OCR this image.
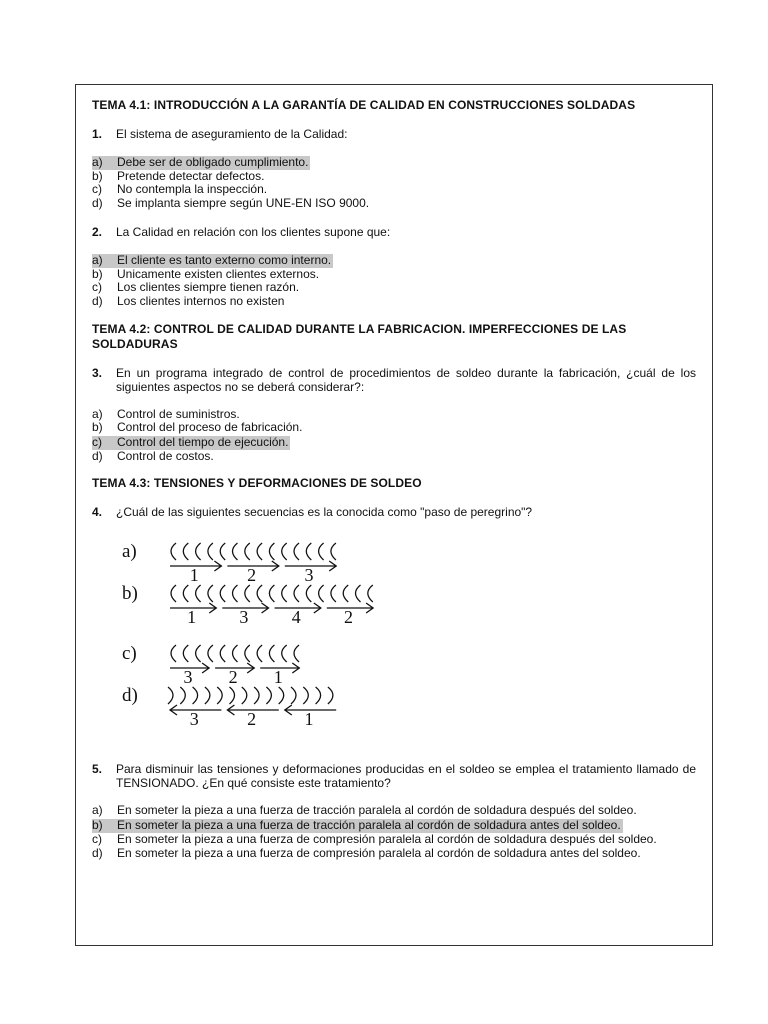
TEMA 4.1: INTRODUCCIÓN A LA GARANTÍA DE CALIDAD EN CONSTRUCCIONES SOLDADAS
1.	El sistema de aseguramiento de la Calidad:
a)	Debe ser de obligado cumplimiento.
b)	Pretende detectar defectos.
c)	No contempla la inspección.
d)	Se implanta siempre según UNE-EN ISO 9000.
2.	La Calidad en relación con los clientes supone que:
a)	El cliente es tanto externo como interno.
b)	Unicamente existen clientes externos.
c)	Los clientes siempre tienen razón.
d)	Los clientes internos no existen
TEMA 4.2: CONTROL DE CALIDAD DURANTE LA FABRICACION. IMPERFECCIONES DE LAS SOLDADURAS
3.	En un programa integrado de control de procedimientos de soldeo durante la fabricación, ¿cuál de los siguientes aspectos no se deberá considerar?:
a)	Control de suministros.
b)	Control del proceso de fabricación.
c)	Control del tiempo de ejecución.
d)	Control de costos.
TEMA 4.3: TENSIONES Y DEFORMACIONES DE SOLDEO
4.	¿Cuál de las siguientes secuencias es la conocida como "paso de peregrino"?
a)
1	2	3
b)
1 3 4 2
c)
3 2 1
d)
3	2	1
5.	Para disminuir las tensiones y deformaciones producidas en el soldeo se emplea el tratamiento llamado de TENSIONADO. ¿En qué consiste este tratamiento?
a)	En someter la pieza a una fuerza de tracción paralela al cordón de soldadura después del soldeo.
b)	En someter la pieza a una fuerza de tracción paralela al cordón de soldadura antes del soldeo.
c)	En someter la pieza a una fuerza de compresión paralela al cordón de soldadura después del soldeo.
d)	En someter la pieza a una fuerza de compresión paralela al cordón de soldadura antes del soldeo.
